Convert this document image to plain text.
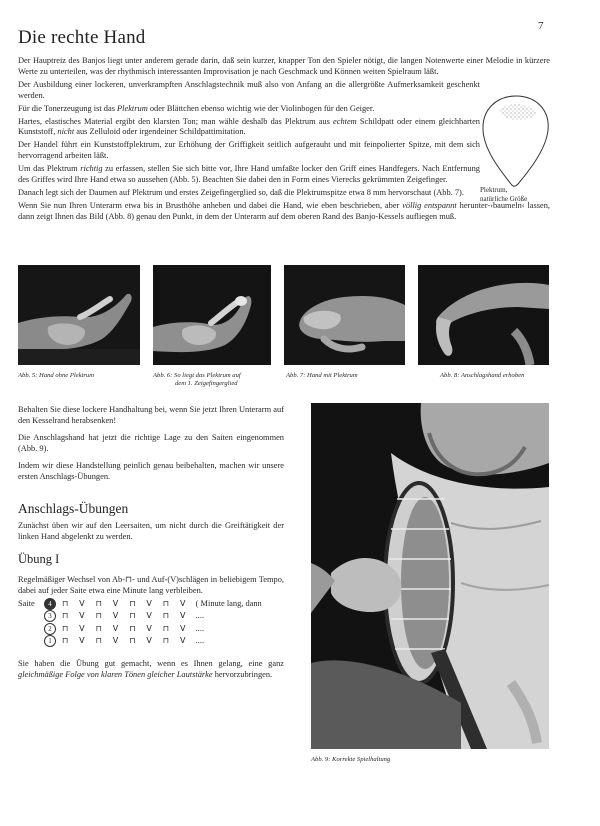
7
Die rechte Hand

Der Hauptreiz des Banjos liegt unter anderem gerade darin, daß sein kurzer, knapper Ton den Spieler nötigt, die langen Notenwerte einer Melodie in kürzere Werte zu unterteilen, was der rhythmisch interessanten Improvisation je nach Geschmack und Können weiten Spielraum läßt.

Der Ausbildung einer lockeren, unverkrampften Anschlagstechnik muß also von Anfang an die allergrößte Aufmerksamkeit geschenkt werden.

Für die Tonerzeugung ist das Plektrum oder Blättchen ebenso wichtig wie der Violinbogen für den Geiger.

Hartes, elastisches Material ergibt den klarsten Ton; man wähle deshalb das Plektrum aus echtem Schildpatt oder einem gleichharten Kunststoff, nicht aus Zelluloid oder irgendeiner Schildpattimitation.

Der Handel führt ein Kunststoffplektrum, zur Erhöhung der Griffigkeit seitlich aufgerauht und mit feinpolierter Spitze, mit dem sich hervorragend arbeiten läßt.

Um das Plektrum richtig zu erfassen, stellen Sie sich bitte vor, Ihre Hand umfaßte locker den Griff eines Handfegers. Nach Entfernung des Griffes wird Ihre Hand etwa so aussehen (Abb. 5). Beachten Sie dabei den in Form eines Vierecks gekrümmten Zeigefinger.

Danach legt sich der Daumen auf Plektrum und erstes Zeigefingerglied so, daß die Plektrumspitze etwa 8 mm hervorschaut (Abb. 7).

Wenn Sie nun Ihren Unterarm etwa bis in Brusthöhe anheben und dabei die Hand, wie eben beschrieben, aber völlig entspannt herunter-›baumeln‹ lassen, dann zeigt Ihnen das Bild (Abb. 8) genau den Punkt, in dem der Unterarm auf dem oberen Rand des Banjo-Kessels aufliegen muß.

Plektrum,
natürliche Größe
Abb. 5: Hand ohne Plektrum	Abb. 6: So liegt das Plektrum auf
dem 1. Zeigefingerglied
Abb. 7: Hand mit Plektrum	Abb. 8: Anschlagshand erhoben

Behalten Sie diese lockere Handhaltung bei, wenn Sie jetzt Ihren Unterarm auf den Kesselrand herabsenken!

Die Anschlagshand hat jetzt die richtige Lage zu den Saiten eingenommen (Abb. 9).

Indem wir diese Handstellung peinlich genau beibehalten, machen wir unsere ersten Anschlags-Übungen.

Anschlags-Übungen
Zunächst üben wir auf den Leersaiten, um nicht durch die Greiftätigkeit der linken Hand abgelenkt zu werden.
Übung I
Regelmäßiger Wechsel von Ab-⊓- und Auf-(V)schlägen in beliebigem Tempo, dabei auf jeder Saite etwa eine Minute lang verbleiben.
Saite	4	⊓ V ⊓ V ⊓ V ⊓ V ( Minute lang, dann
3	⊓ V ⊓ V ⊓ V ⊓ V ....
2	⊓ V ⊓ V ⊓ V ⊓ V ....
1	⊓ V ⊓ V ⊓ V ⊓ V ....
Sie haben die Übung gut gemacht, wenn es Ihnen gelang, eine ganz gleichmäßige Folge von klaren Tönen gleicher Lautstärke hervorzubringen.
Abb. 9: Korrekte Spielhaltung
